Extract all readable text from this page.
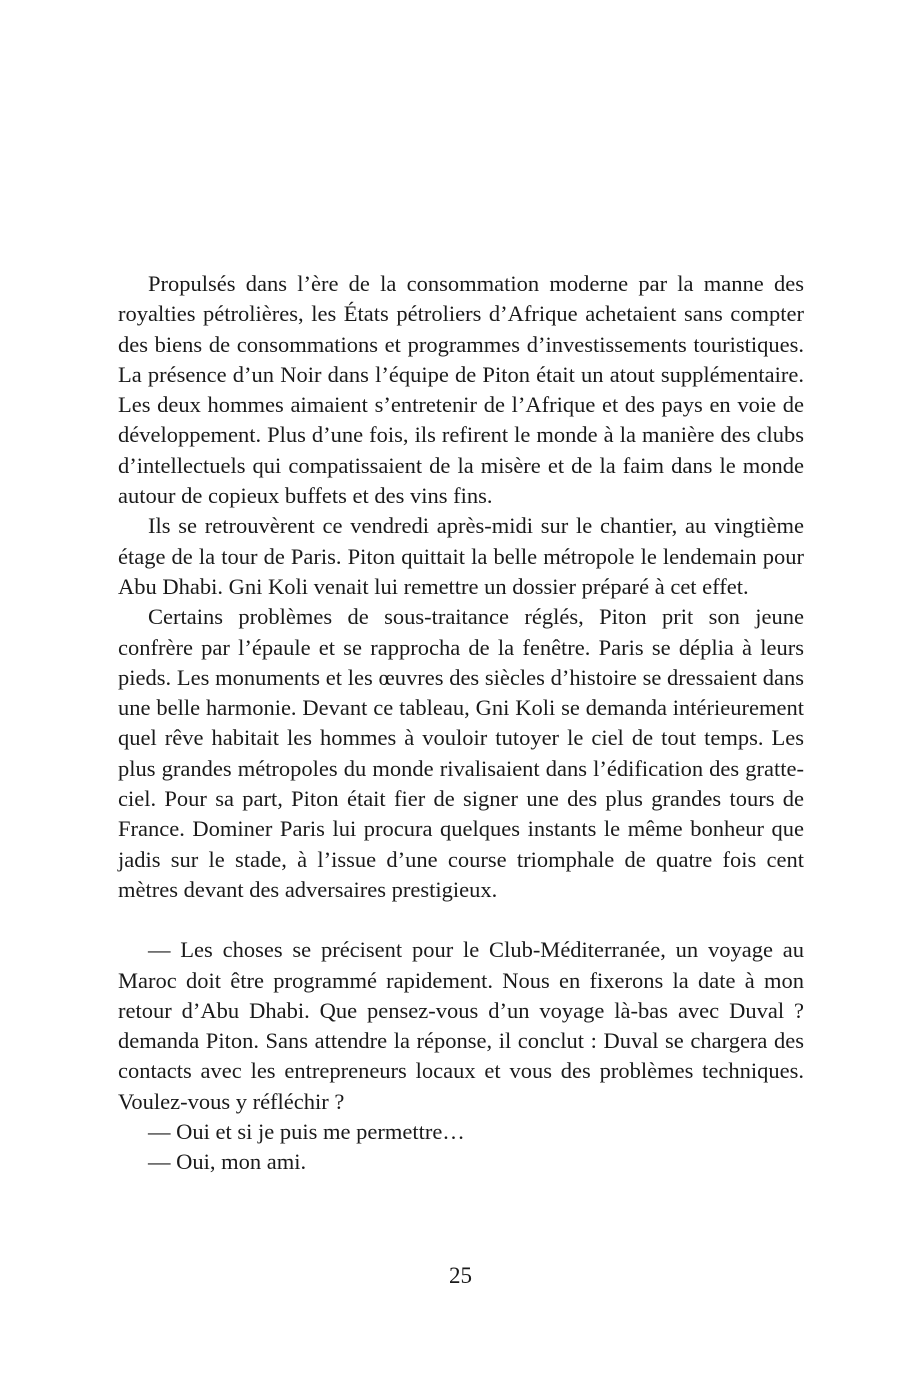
Propulsés dans l’ère de la consommation moderne par la manne des royalties pétrolières, les États pétroliers d’Afrique achetaient sans compter des biens de consommations et programmes d’investissements touristiques. La présence d’un Noir dans l’équipe de Piton était un atout supplémentaire. Les deux hommes aimaient s’entretenir de l’Afrique et des pays en voie de développement. Plus d’une fois, ils refirent le monde à la manière des clubs d’intellectuels qui compatissaient de la misère et de la faim dans le monde autour de copieux buffets et des vins fins.

Ils se retrouvèrent ce vendredi après-midi sur le chantier, au vingtième étage de la tour de Paris. Piton quittait la belle métropole le lendemain pour Abu Dhabi. Gni Koli venait lui remettre un dossier préparé à cet effet.

Certains problèmes de sous-traitance réglés, Piton prit son jeune confrère par l’épaule et se rapprocha de la fenêtre. Paris se déplia à leurs pieds. Les monuments et les œuvres des siècles d’histoire se dressaient dans une belle harmonie. Devant ce tableau, Gni Koli se demanda intérieurement quel rêve habitait les hommes à vouloir tutoyer le ciel de tout temps. Les plus grandes métropoles du monde rivalisaient dans l’édification des gratte-ciel. Pour sa part, Piton était fier de signer une des plus grandes tours de France. Dominer Paris lui procura quelques instants le même bonheur que jadis sur le stade, à l’issue d’une course triomphale de quatre fois cent mètres devant des adversaires prestigieux.

— Les choses se précisent pour le Club-Méditerranée, un voyage au Maroc doit être programmé rapidement. Nous en fixerons la date à mon retour d’Abu Dhabi. Que pensez-vous d’un voyage là-bas avec Duval ? demanda Piton. Sans attendre la réponse, il conclut : Duval se chargera des contacts avec les entrepreneurs locaux et vous des problèmes techniques. Voulez-vous y réfléchir ?

— Oui et si je puis me permettre…

— Oui, mon ami.

25
